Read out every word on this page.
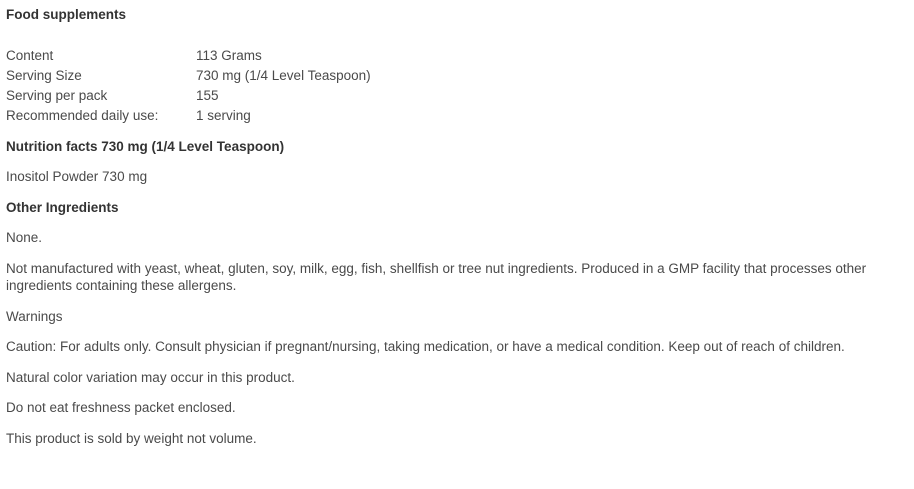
Food supplements
Content	113 Grams
Serving Size	730 mg (1/4 Level Teaspoon)
Serving per pack	155
Recommended daily use:	1 serving
Nutrition facts 730 mg (1/4 Level Teaspoon)
Inositol Powder 730 mg
Other Ingredients
None.
Not manufactured with yeast, wheat, gluten, soy, milk, egg, fish, shellfish or tree nut ingredients. Produced in a GMP facility that processes other ingredients containing these allergens.
Warnings
Caution: For adults only. Consult physician if pregnant/nursing, taking medication, or have a medical condition. Keep out of reach of children.
Natural color variation may occur in this product.
Do not eat freshness packet enclosed.
This product is sold by weight not volume.
